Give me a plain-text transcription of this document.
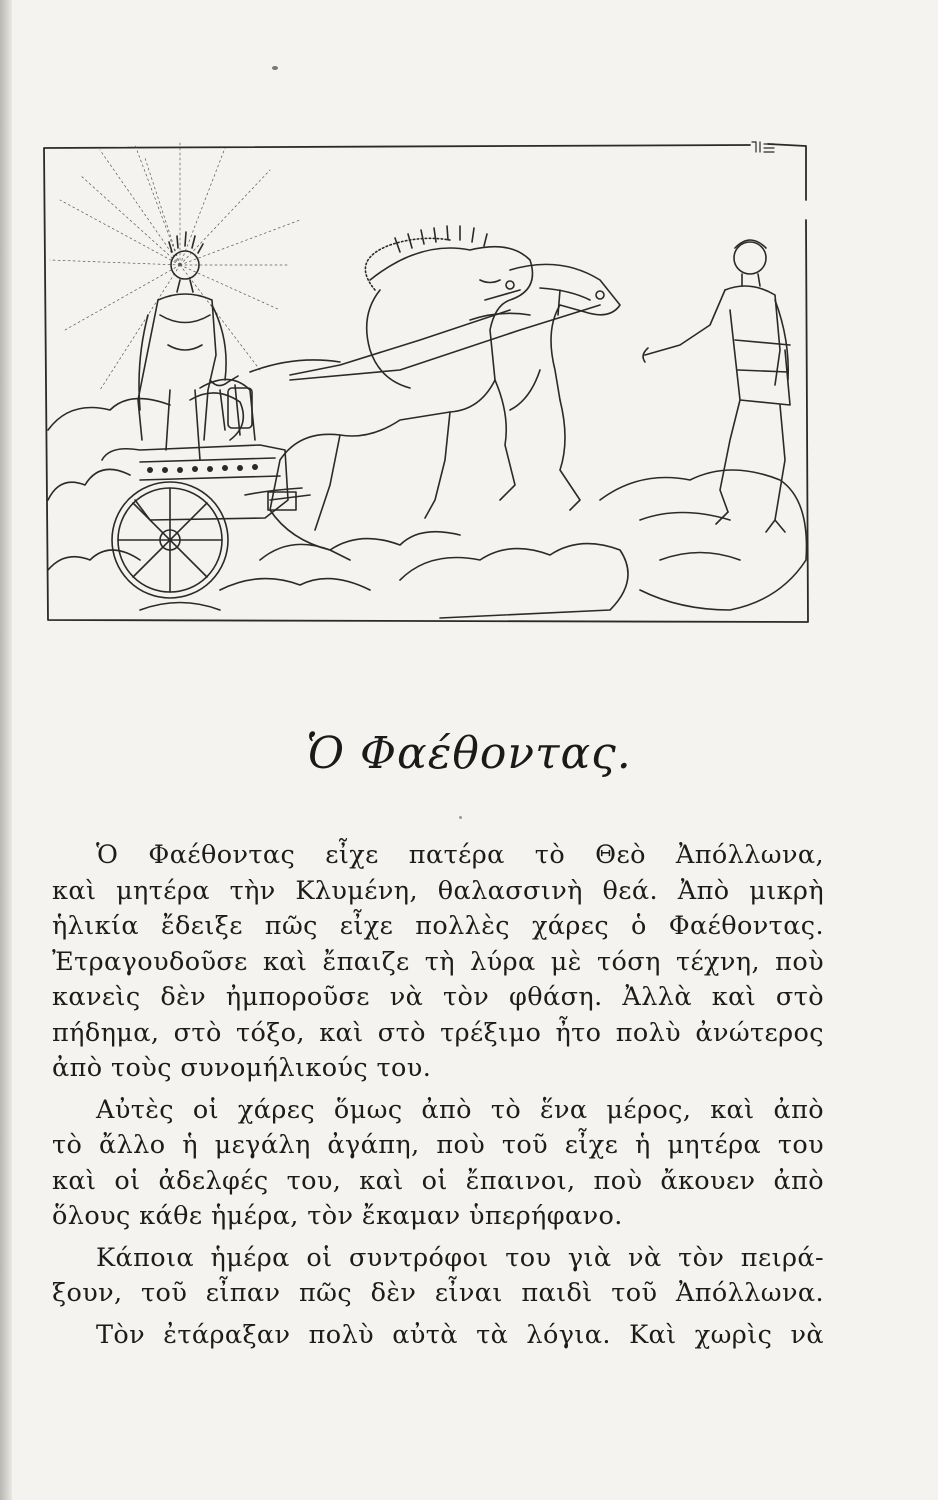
Ὁ Φαέθοντας.
Ὁ Φαέθοντας εἶχε πατέρα τὸ Θεὸ Ἀπόλλωνα,
καὶ μητέρα τὴν Κλυμένη, θαλασσινὴ θεά. Ἀπὸ μικρὴ
ἡλικία ἔδειξε πῶς εἶχε πολλὲς χάρες ὁ Φαέθοντας.
Ἐτραγουδοῦσε καὶ ἔπαιζε τὴ λύρα μὲ τόση τέχνη, ποὺ
κανεὶς δὲν ἠμποροῦσε νὰ τὸν φθάση. Ἀλλὰ καὶ στὸ
πήδημα, στὸ τόξο, καὶ στὸ τρέξιμο ἦτο πολὺ ἀνώτερος
ἀπὸ τοὺς συνομήλικούς του.
Αὐτὲς οἱ χάρες ὅμως ἀπὸ τὸ ἕνα μέρος, καὶ ἀπὸ
τὸ ἄλλο ἡ μεγάλη ἀγάπη, ποὺ τοῦ εἶχε ἡ μητέρα του
καὶ οἱ ἀδελφές του, καὶ οἱ ἔπαινοι, ποὺ ἄκουεν ἀπὸ
ὅλους κάθε ἡμέρα, τὸν ἔκαμαν ὑπερήφανο.
Κάποια ἡμέρα οἱ συντρόφοι του γιὰ νὰ τὸν πειρά-
ξουν, τοῦ εἶπαν πῶς δὲν εἶναι παιδὶ τοῦ Ἀπόλλωνα.
Τὸν ἐτάραξαν πολὺ αὐτὰ τὰ λόγια. Καὶ χωρὶς νὰ
